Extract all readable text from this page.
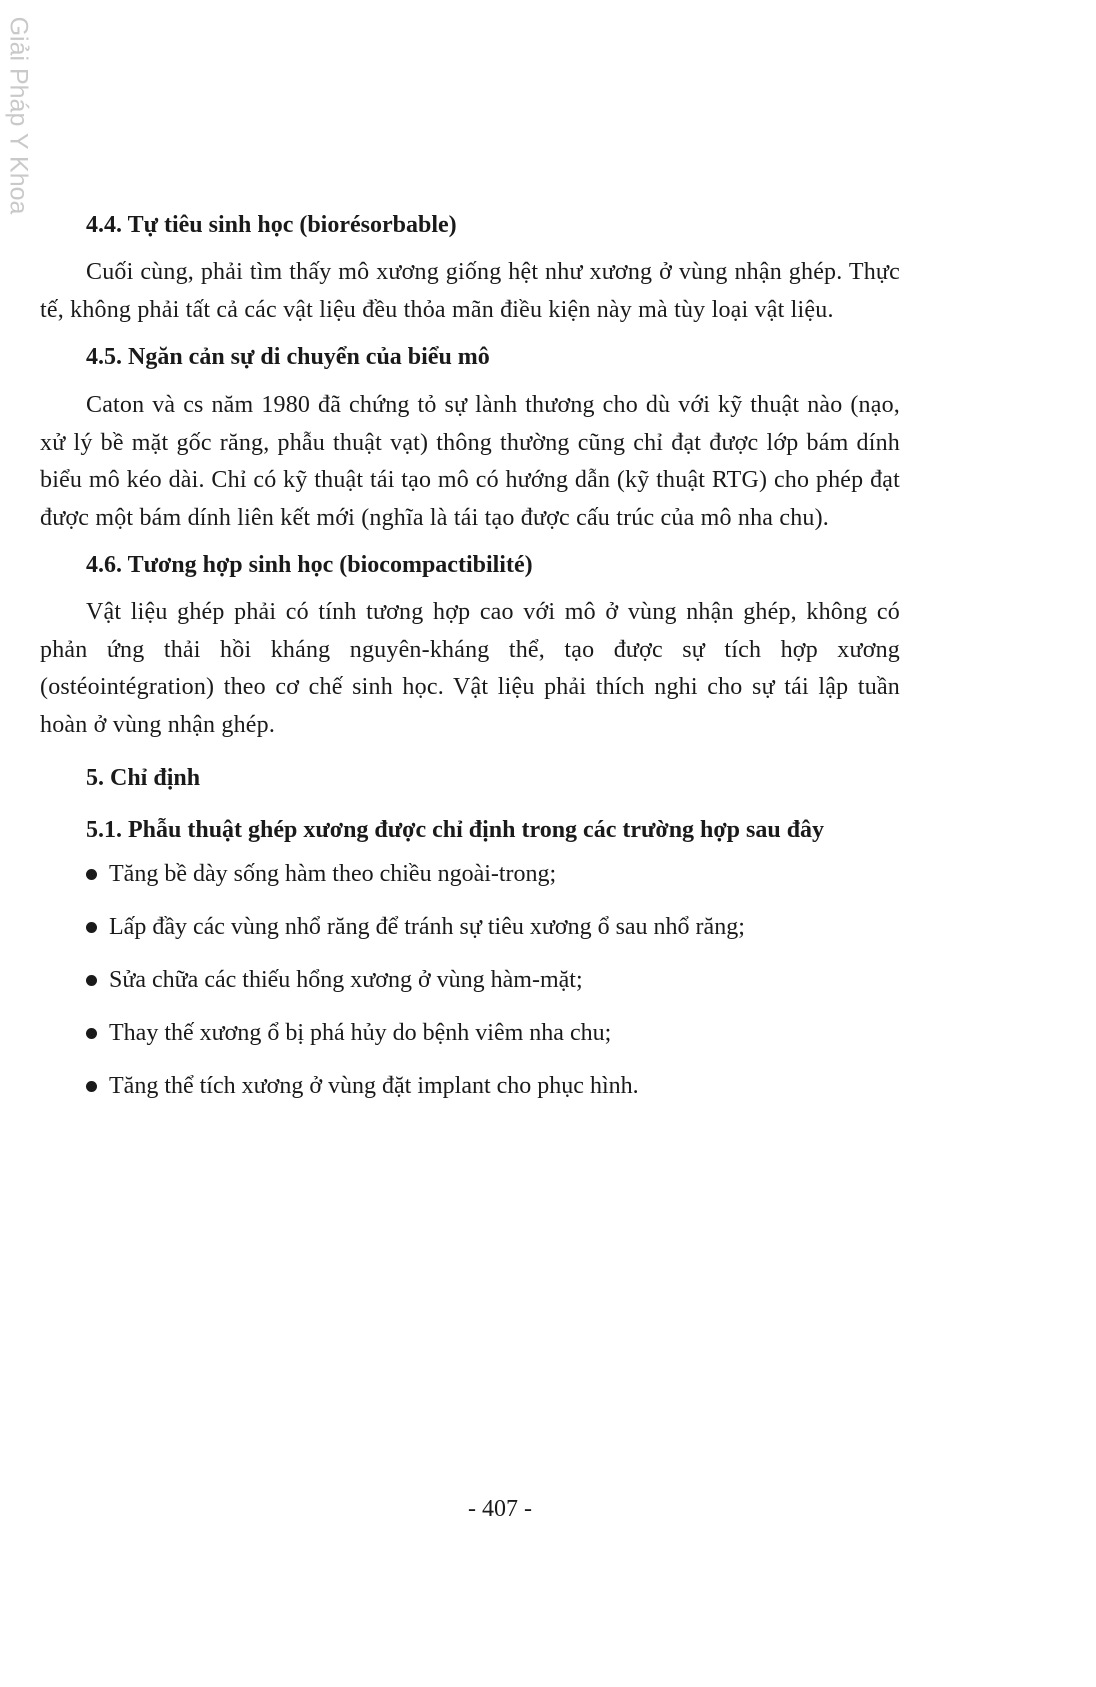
Giải Pháp Y Khoa
4.4. Tự tiêu sinh học (biorésorbable)

Cuối cùng, phải tìm thấy mô xương giống hệt như xương ở vùng nhận ghép. Thực tế, không phải tất cả các vật liệu đều thỏa mãn điều kiện này mà tùy loại vật liệu.

4.5. Ngăn cản sự di chuyển của biểu mô

Caton và cs năm 1980 đã chứng tỏ sự lành thương cho dù với kỹ thuật nào (nạo, xử lý bề mặt gốc răng, phẫu thuật vạt) thông thường cũng chỉ đạt được lớp bám dính biểu mô kéo dài. Chỉ có kỹ thuật tái tạo mô có hướng dẫn (kỹ thuật RTG) cho phép đạt được một bám dính liên kết mới (nghĩa là tái tạo được cấu trúc của mô nha chu).

4.6. Tương hợp sinh học (biocompactibilité)

Vật liệu ghép phải có tính tương hợp cao với mô ở vùng nhận ghép, không có phản ứng thải hồi kháng nguyên-kháng thể, tạo được sự tích hợp xương (ostéointégration) theo cơ chế sinh học. Vật liệu phải thích nghi cho sự tái lập tuần hoàn ở vùng nhận ghép.

5. Chỉ định
5.1. Phẫu thuật ghép xương được chỉ định trong các trường hợp sau đây
Tăng bề dày sống hàm theo chiều ngoài-trong;
Lấp đầy các vùng nhổ răng để tránh sự tiêu xương ổ sau nhổ răng;
Sửa chữa các thiếu hổng xương ở vùng hàm-mặt;
Thay thế xương ổ bị phá hủy do bệnh viêm nha chu;
Tăng thể tích xương ở vùng đặt implant cho phục hình.
- 407 -
